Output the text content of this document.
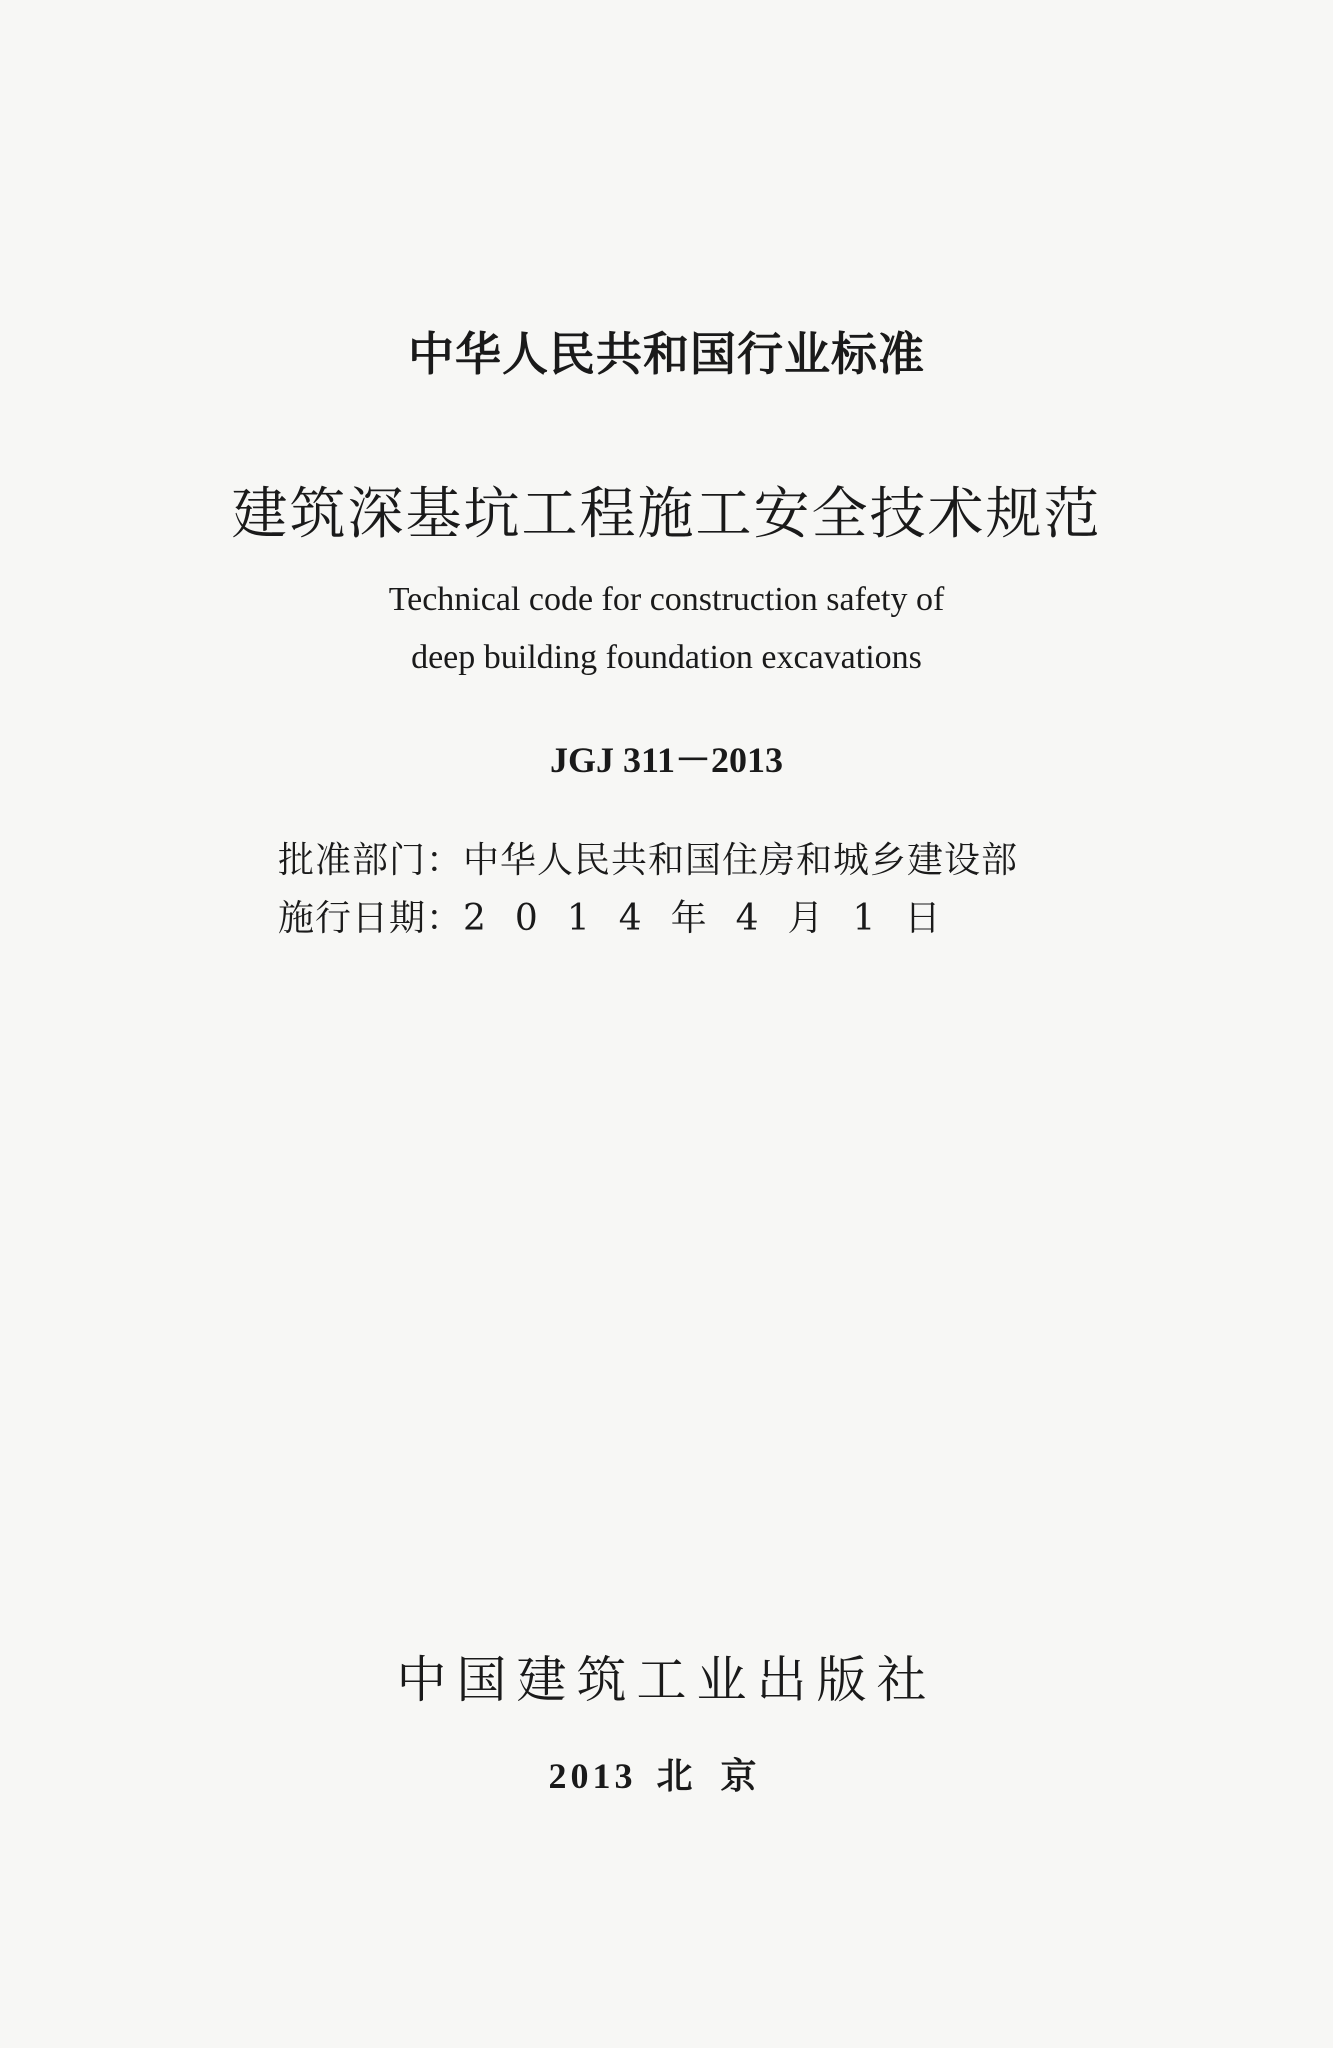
中华人民共和国行业标准
建筑深基坑工程施工安全技术规范
Technical code for construction safety of
deep building foundation excavations
JGJ 311－2013
批准部门：中华人民共和国住房和城乡建设部
施行日期：2014年4月1日
中国建筑工业出版社
2013 北京
